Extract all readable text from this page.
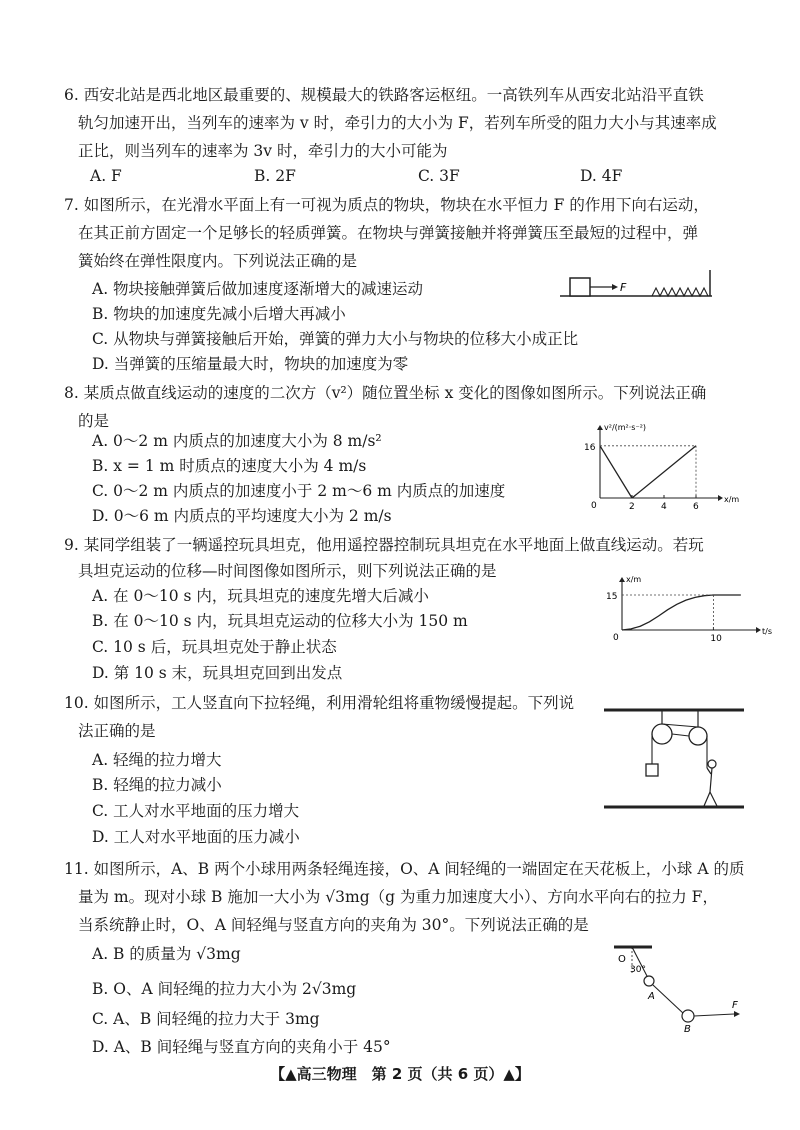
6. 西安北站是西北地区最重要的、规模最大的铁路客运枢纽。一高铁列车从西安北站沿平直铁
轨匀加速开出，当列车的速率为 v 时，牵引力的大小为 F，若列车所受的阻力大小与其速率成
正比，则当列车的速率为 3v 时，牵引力的大小可能为
A. F	B. 2F	C. 3F	D. 4F
7. 如图所示，在光滑水平面上有一可视为质点的物块，物块在水平恒力 F 的作用下向右运动，
在其正前方固定一个足够长的轻质弹簧。在物块与弹簧接触并将弹簧压至最短的过程中，弹
簧始终在弹性限度内。下列说法正确的是
A. 物块接触弹簧后做加速度逐渐增大的减速运动
B. 物块的加速度先减小后增大再减小
C. 从物块与弹簧接触后开始，弹簧的弹力大小与物块的位移大小成正比
D. 当弹簧的压缩量最大时，物块的加速度为零
F
8. 某质点做直线运动的速度的二次方（v²）随位置坐标 x 变化的图像如图所示。下列说法正确
的是
A. 0～2 m 内质点的加速度大小为 8 m/s²
B. x = 1 m 时质点的速度大小为 4 m/s
C. 0～2 m 内质点的加速度小于 2 m～6 m 内质点的加速度
D. 0～6 m 内质点的平均速度大小为 2 m/s
v²/(m²·s⁻²)
x/m
0	2	4	6
16
9. 某同学组装了一辆遥控玩具坦克，他用遥控器控制玩具坦克在水平地面上做直线运动。若玩
具坦克运动的位移—时间图像如图所示，则下列说法正确的是
A. 在 0～10 s 内，玩具坦克的速度先增大后减小
B. 在 0～10 s 内，玩具坦克运动的位移大小为 150 m
C. 10 s 后，玩具坦克处于静止状态
D. 第 10 s 末，玩具坦克回到出发点
x/m
t/s
0	10
15
10. 如图所示，工人竖直向下拉轻绳，利用滑轮组将重物缓慢提起。下列说
法正确的是
A. 轻绳的拉力增大
B. 轻绳的拉力减小
C. 工人对水平地面的压力增大
D. 工人对水平地面的压力减小
11. 如图所示，A、B 两个小球用两条轻绳连接，O、A 间轻绳的一端固定在天花板上，小球 A 的质
量为 m。现对小球 B 施加一大小为 √3mg（g 为重力加速度大小）、方向水平向右的拉力 F，
当系统静止时，O、A 间轻绳与竖直方向的夹角为 30°。下列说法正确的是
A. B 的质量为 √3mg
B. O、A 间轻绳的拉力大小为 2√3mg
C. A、B 间轻绳的拉力大于 3mg
D. A、B 间轻绳与竖直方向的夹角小于 45°
O
30°
A
B
F
【▲高三物理　第 2 页（共 6 页）▲】
